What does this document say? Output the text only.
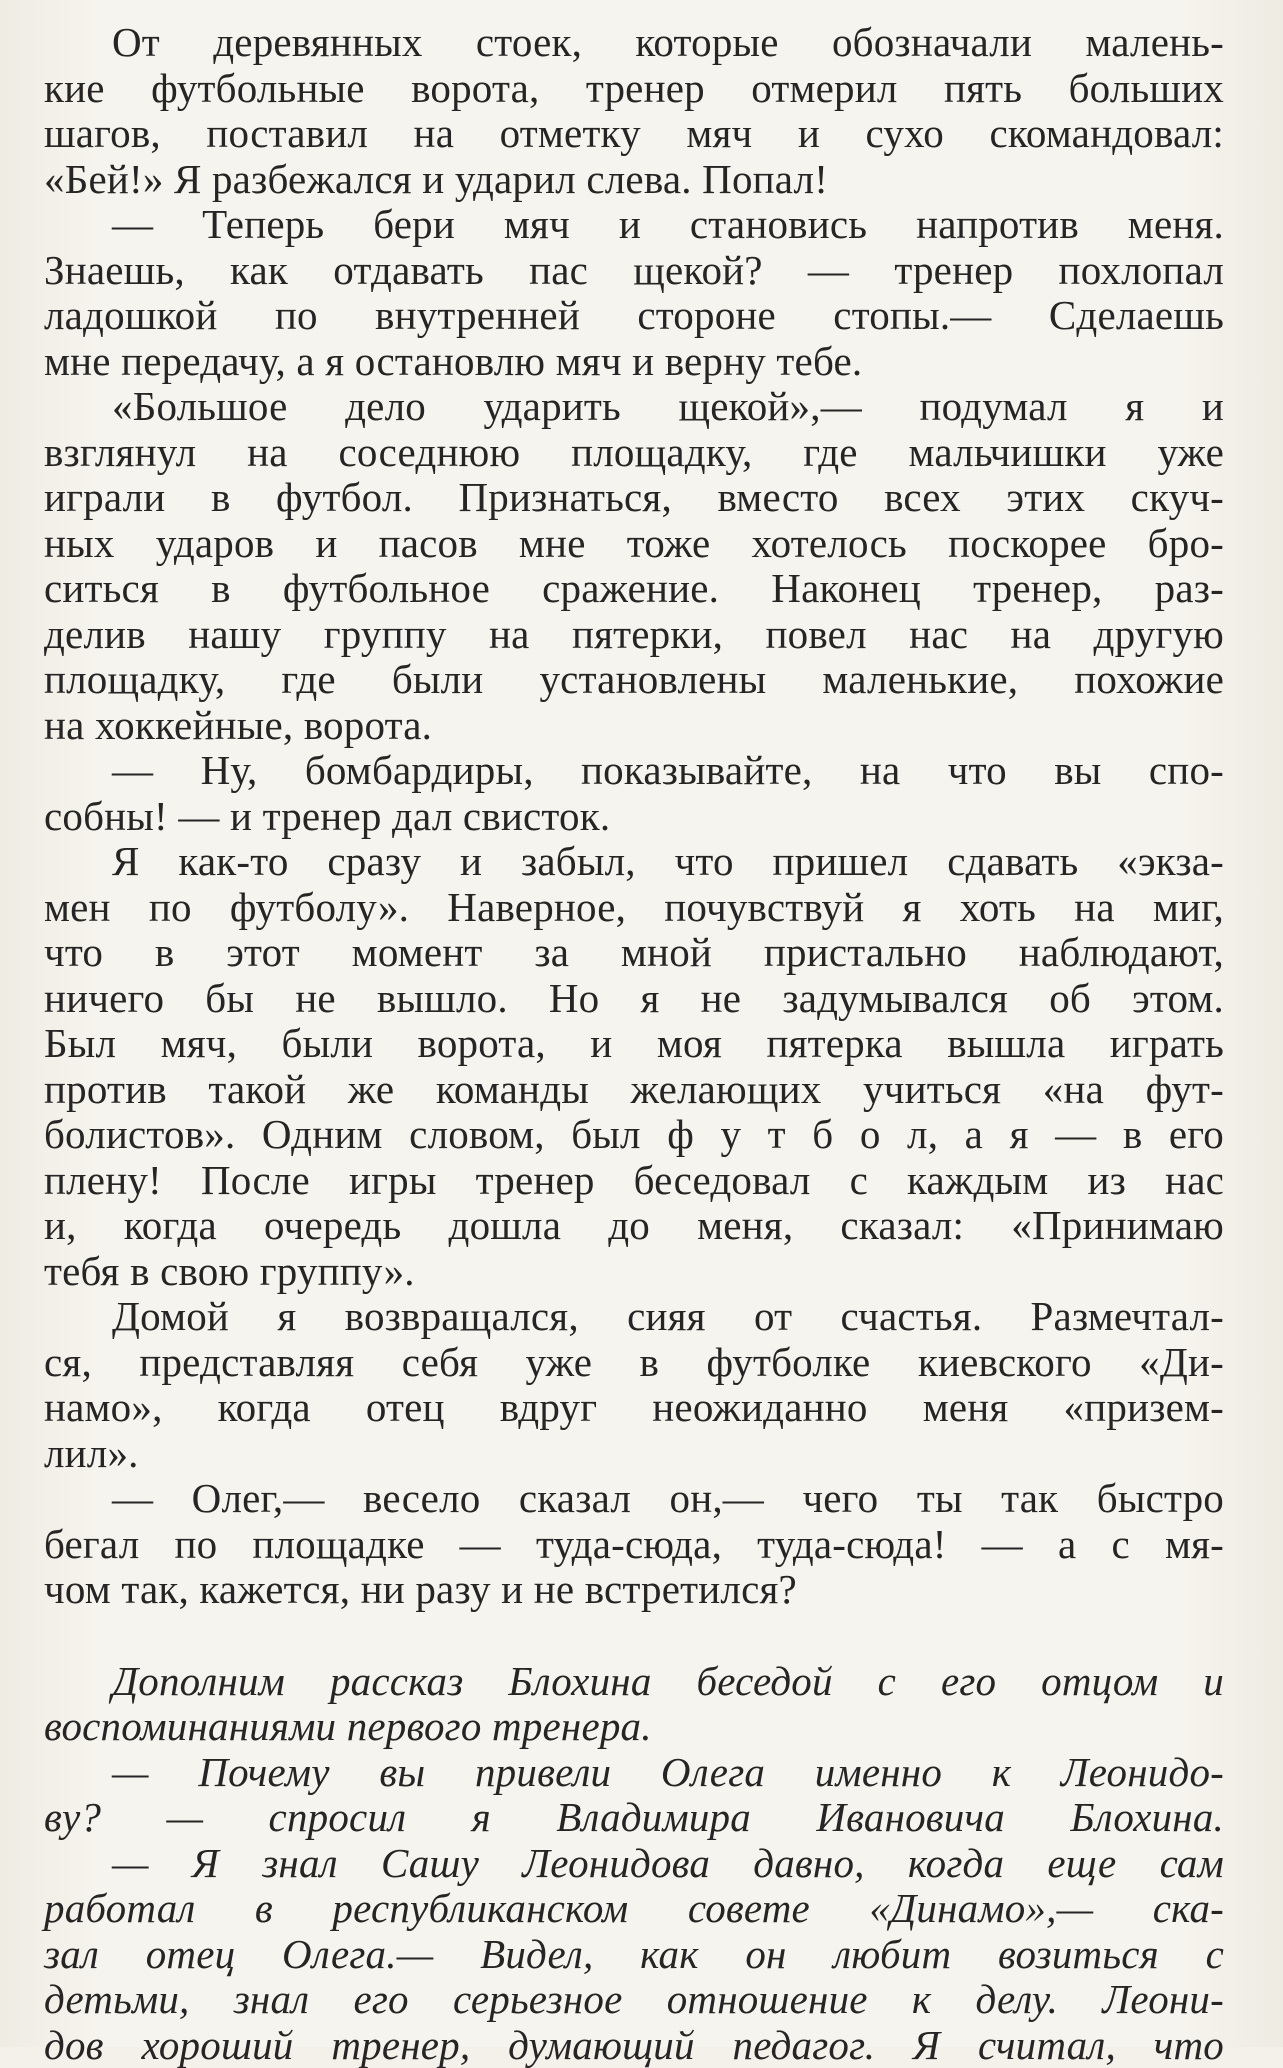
От деревянных стоек, которые обозначали малень-
кие футбольные ворота, тренер отмерил пять больших
шагов, поставил на отметку мяч и сухо скомандовал:
«Бей!» Я разбежался и ударил слева. Попал!
— Теперь бери мяч и становись напротив меня.
Знаешь, как отдавать пас щекой? — тренер похлопал
ладошкой по внутренней стороне стопы.— Сделаешь
мне передачу, а я остановлю мяч и верну тебе.
«Большое дело ударить щекой»,— подумал я и
взглянул на соседнюю площадку, где мальчишки уже
играли в футбол. Признаться, вместо всех этих скуч-
ных ударов и пасов мне тоже хотелось поскорее бро-
ситься в футбольное сражение. Наконец тренер, раз-
делив нашу группу на пятерки, повел нас на другую
площадку, где были установлены маленькие, похожие
на хоккейные, ворота.
— Ну, бомбардиры, показывайте, на что вы спо-
собны! — и тренер дал свисток.
Я как-то сразу и забыл, что пришел сдавать «экза-
мен по футболу». Наверное, почувствуй я хоть на миг,
что в этот момент за мной пристально наблюдают,
ничего бы не вышло. Но я не задумывался об этом.
Был мяч, были ворота, и моя пятерка вышла играть
против такой же команды желающих учиться «на фут-
болистов». Одним словом, был ф у т б о л, а я — в его
плену! После игры тренер беседовал с каждым из нас
и, когда очередь дошла до меня, сказал: «Принимаю
тебя в свою группу».
Домой я возвращался, сияя от счастья. Размечтал-
ся, представляя себя уже в футболке киевского «Ди-
намо», когда отец вдруг неожиданно меня «призем-
лил».
— Олег,— весело сказал он,— чего ты так быстро
бегал по площадке — туда-сюда, туда-сюда! — а с мя-
чом так, кажется, ни разу и не встретился?
Дополним рассказ Блохина беседой с его отцом и
воспоминаниями первого тренера.
— Почему вы привели Олега именно к Леонидо-
ву? — спросил я Владимира Ивановича Блохина.
— Я знал Сашу Леонидова давно, когда еще сам
работал в республиканском совете «Динамо»,— ска-
зал отец Олега.— Видел, как он любит возиться с
детьми, знал его серьезное отношение к делу. Леони-
дов хороший тренер, думающий педагог. Я считал, что
